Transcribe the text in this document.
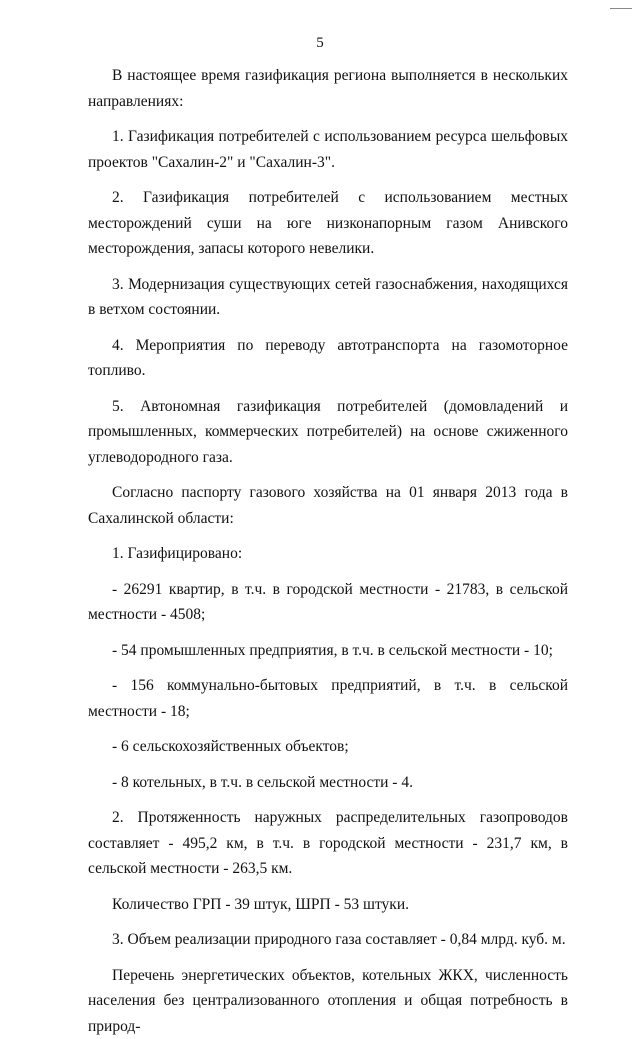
5

В настоящее время газификация региона выполняется в нескольких направлениях:

1. Газификация потребителей с использованием ресурса шельфовых проектов "Сахалин-2" и "Сахалин-3".

2. Газификация потребителей с использованием местных месторождений суши на юге низконапорным газом Анивского месторождения, запасы которого невелики.

3. Модернизация существующих сетей газоснабжения, находящихся в ветхом состоянии.

4. Мероприятия по переводу автотранспорта на газомоторное топливо.

5. Автономная газификация потребителей (домовладений и промышленных, коммерческих потребителей) на основе сжиженного углеводородного газа.

Согласно паспорту газового хозяйства на 01 января 2013 года в Сахалинской области:

1. Газифицировано:

- 26291 квартир, в т.ч. в городской местности - 21783, в сельской местности - 4508;

- 54 промышленных предприятия, в т.ч. в сельской местности - 10;

- 156 коммунально-бытовых предприятий, в т.ч. в сельской местности - 18;

- 6 сельскохозяйственных объектов;

- 8 котельных, в т.ч. в сельской местности - 4.

2. Протяженность наружных распределительных газопроводов составляет - 495,2 км, в т.ч. в городской местности - 231,7 км, в сельской местности - 263,5 км.

Количество ГРП - 39 штук, ШРП - 53 штуки.

3. Объем реализации природного газа составляет - 0,84 млрд. куб. м.

Перечень энергетических объектов, котельных ЖКХ, численность населения без централизованного отопления и общая потребность в природ-
